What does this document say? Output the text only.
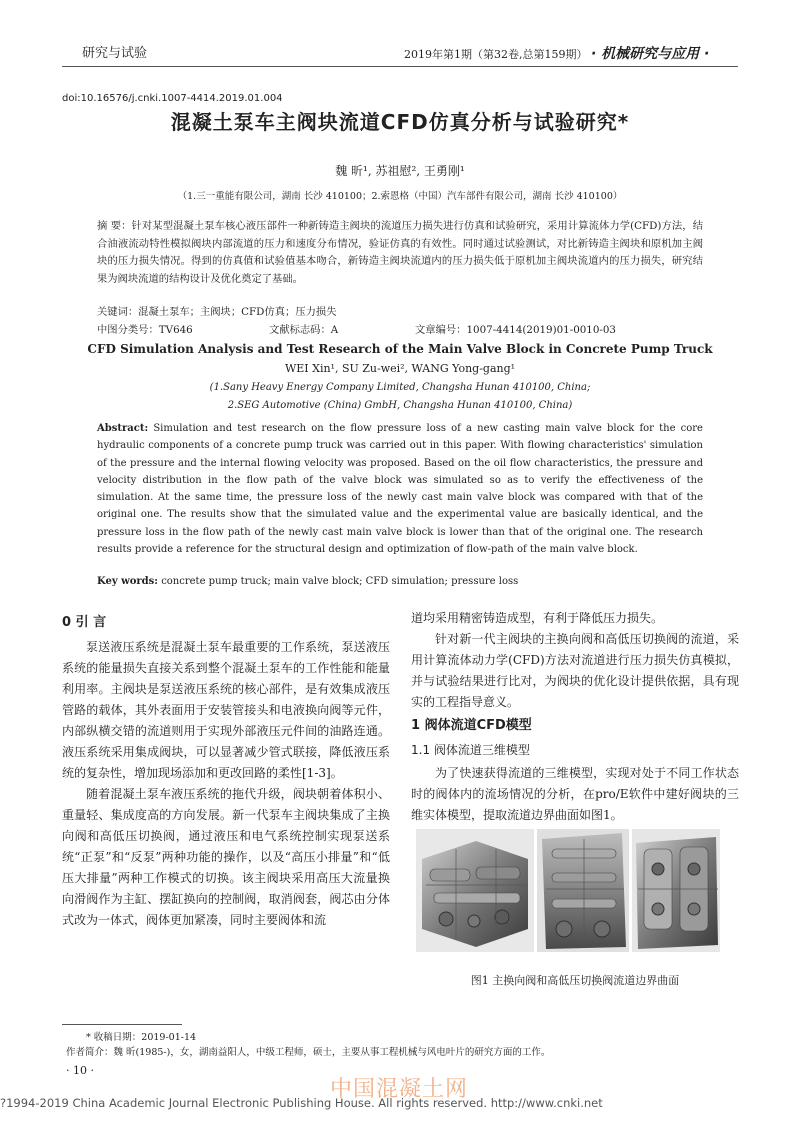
研究与试验	2019年第1期（第32卷,总第159期） · 机械研究与应用 ·
doi:10.16576/j.cnki.1007-4414.2019.01.004
混凝土泵车主阀块流道CFD仿真分析与试验研究*
魏 昕¹, 苏祖慰², 王勇刚¹
（1.三一重能有限公司，湖南 长沙 410100；2.索恩格（中国）汽车部件有限公司，湖南 长沙 410100）
摘 要：针对某型混凝土泵车核心液压部件一种新铸造主阀块的流道压力损失进行仿真和试验研究，采用计算流体力学(CFD)方法，结合油液流动特性模拟阀块内部流道的压力和速度分布情况，验证仿真的有效性。同时通过试验测试，对比新铸造主阀块和原机加主阀块的压力损失情况。得到的仿真值和试验值基本吻合，新铸造主阀块流道内的压力损失低于原机加主阀块流道内的压力损失，研究结果为阀块流道的结构设计及优化奠定了基础。
关键词：混凝土泵车；主阀块；CFD仿真；压力损失
中图分类号：TV646	文献标志码：A	文章编号：1007-4414(2019)01-0010-03
CFD Simulation Analysis and Test Research of the Main Valve Block in Concrete Pump Truck
WEI Xin¹, SU Zu-wei², WANG Yong-gang¹
(1.Sany Heavy Energy Company Limited, Changsha Hunan 410100, China;
2.SEG Automotive (China) GmbH, Changsha Hunan 410100, China)
Abstract: Simulation and test research on the flow pressure loss of a new casting main valve block for the core hydraulic components of a concrete pump truck was carried out in this paper. With flowing characteristics' simulation of the pressure and the internal flowing velocity was proposed. Based on the oil flow characteristics, the pressure and velocity distribution in the flow path of the valve block was simulated so as to verify the effectiveness of the simulation. At the same time, the pressure loss of the newly cast main valve block was compared with that of the original one. The results show that the simulated value and the experimental value are basically identical, and the pressure loss in the flow path of the newly cast main valve block is lower than that of the original one. The research results provide a reference for the structural design and optimization of flow-path of the main valve block.
Key words: concrete pump truck; main valve block; CFD simulation; pressure loss
0 引 言

泵送液压系统是混凝土泵车最重要的工作系统，泵送液压系统的能量损失直接关系到整个混凝土泵车的工作性能和能量利用率。主阀块是泵送液压系统的核心部件，是有效集成液压管路的载体，其外表面用于安装管接头和电液换向阀等元件，内部纵横交错的流道则用于实现外部液压元件间的油路连通。液压系统采用集成阀块，可以显著减少管式联接，降低液压系统的复杂性，增加现场添加和更改回路的柔性[1-3]。

随着混凝土泵车液压系统的拖代升级，阀块朝着体积小、重量轻、集成度高的方向发展。新一代泵车主阀块集成了主换向阀和高低压切换阀，通过液压和电气系统控制实现泵送系统“正泵”和“反泵”两种功能的操作，以及“高压小排量”和“低压大排量”两种工作模式的切换。该主阀块采用高压大流量换向滑阀作为主缸、摆缸换向的控制阀，取消阀套，阀芯由分体式改为一体式，阀体更加紧凑，同时主要阀体和流

道均采用精密铸造成型，有利于降低压力损失。

针对新一代主阀块的主换向阀和高低压切换阀的流道，采用计算流体动力学(CFD)方法对流道进行压力损失仿真模拟，并与试验结果进行比对，为阀块的优化设计提供依据，具有现实的工程指导意义。

1 阀体流道CFD模型
1.1 阀体流道三维模型

为了快速获得流道的三维模型，实现对处于不同工作状态时的阀体内的流场情况的分析，在pro/E软件中建好阀块的三维实体模型，提取流道边界曲面如图1。

图1 主换向阀和高低压切换阀流道边界曲面
* 收稿日期：2019-01-14
作者简介：魏 昕(1985-)，女，湖南益阳人，中级工程师，硕士，主要从事工程机械与风电叶片的研究方面的工作。
· 10 ·
中国混凝土网
?1994-2019 China Academic Journal Electronic Publishing House. All rights reserved. http://www.cnki.net
